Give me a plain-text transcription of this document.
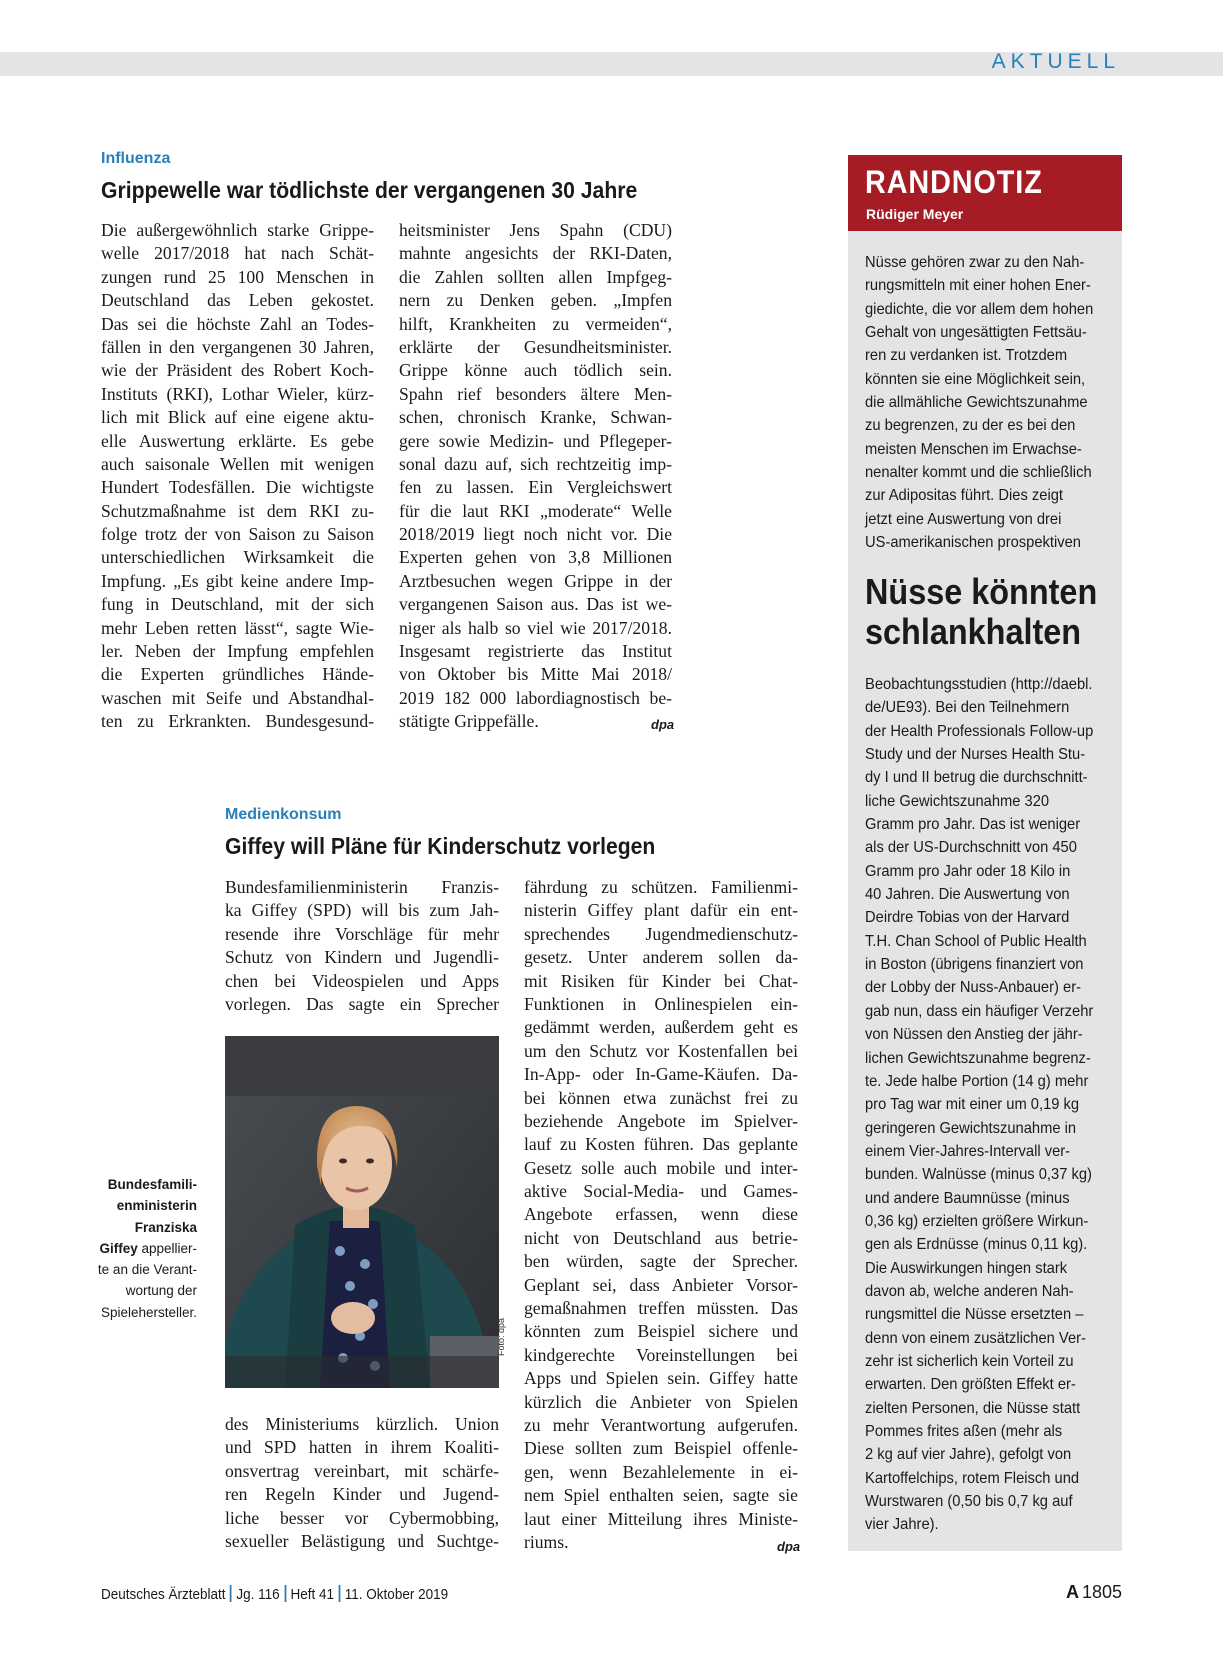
AKTUELL
Influenza
Grippewelle war tödlichste der vergangenen 30 Jahre
Die außergewöhnlich starke Grippe-
welle 2017/2018 hat nach Schät-
zungen rund 25 100 Menschen in
Deutschland das Leben gekostet.
Das sei die höchste Zahl an Todes-
fällen in den vergangenen 30 Jahren,
wie der Präsident des Robert Koch-
Instituts (RKI), Lothar Wieler, kürz-
lich mit Blick auf eine eigene aktu-
elle Auswertung erklärte. Es gebe
auch saisonale Wellen mit wenigen
Hundert Todesfällen. Die wichtigste
Schutzmaßnahme ist dem RKI zu-
folge trotz der von Saison zu Saison
unterschiedlichen Wirksamkeit die
Impfung. „Es gibt keine andere Imp-
fung in Deutschland, mit der sich
mehr Leben retten lässt“, sagte Wie-
ler. Neben der Impfung empfehlen
die Experten gründliches Hände-
waschen mit Seife und Abstandhal-
ten zu Erkrankten. Bundesgesund-
heitsminister Jens Spahn (CDU)
mahnte angesichts der RKI-Daten,
die Zahlen sollten allen Impfgeg-
nern zu Denken geben. „Impfen
hilft, Krankheiten zu vermeiden“,
erklärte der Gesundheitsminister.
Grippe könne auch tödlich sein.
Spahn rief besonders ältere Men-
schen, chronisch Kranke, Schwan-
gere sowie Medizin- und Pflegeper-
sonal dazu auf, sich rechtzeitig imp-
fen zu lassen. Ein Vergleichswert
für die laut RKI „moderate“ Welle
2018/2019 liegt noch nicht vor. Die
Experten gehen von 3,8 Millionen
Arztbesuchen wegen Grippe in der
vergangenen Saison aus. Das ist we-
niger als halb so viel wie 2017/2018.
Insgesamt registrierte das Institut
von Oktober bis Mitte Mai 2018/
2019 182 000 labordiagnostisch be-
stätigte Grippefälle.	dpa
Medienkonsum
Giffey will Pläne für Kinderschutz vorlegen
Bundesfamilienministerin Franzis-
ka Giffey (SPD) will bis zum Jah-
resende ihre Vorschläge für mehr
Schutz von Kindern und Jugendli-
chen bei Videospielen und Apps
vorlegen. Das sagte ein Sprecher
Foto: dpa
Bundesfamili-
enministerin
Franziska
Giffey appellier-
te an die Verant-
wortung der
Spielehersteller.
des Ministeriums kürzlich. Union
und SPD hatten in ihrem Koaliti-
onsvertrag vereinbart, mit schärfe-
ren Regeln Kinder und Jugend-
liche besser vor Cybermobbing,
sexueller Belästigung und Suchtge-
fährdung zu schützen. Familienmi-
nisterin Giffey plant dafür ein ent-
sprechendes Jugendmedienschutz-
gesetz. Unter anderem sollen da-
mit Risiken für Kinder bei Chat-
Funktionen in Onlinespielen ein-
gedämmt werden, außerdem geht es
um den Schutz vor Kostenfallen bei
In-App- oder In-Game-Käufen. Da-
bei können etwa zunächst frei zu
beziehende Angebote im Spielver-
lauf zu Kosten führen. Das geplante
Gesetz solle auch mobile und inter-
aktive Social-Media- und Games-
Angebote erfassen, wenn diese
nicht von Deutschland aus betrie-
ben würden, sagte der Sprecher.
Geplant sei, dass Anbieter Vorsor-
gemaßnahmen treffen müssten. Das
könnten zum Beispiel sichere und
kindgerechte Voreinstellungen bei
Apps und Spielen sein. Giffey hatte
kürzlich die Anbieter von Spielen
zu mehr Verantwortung aufgerufen.
Diese sollten zum Beispiel offenle-
gen, wenn Bezahlelemente in ei-
nem Spiel enthalten seien, sagte sie
laut einer Mitteilung ihres Ministe-
riums.	dpa
RANDNOTIZ
Rüdiger Meyer
Nüsse gehören zwar zu den Nah-
rungsmitteln mit einer hohen Ener-
giedichte, die vor allem dem hohen
Gehalt von ungesättigten Fettsäu-
ren zu verdanken ist. Trotzdem
könnten sie eine Möglichkeit sein,
die allmähliche Gewichtszunahme
zu begrenzen, zu der es bei den
meisten Menschen im Erwachse-
nenalter kommt und die schließlich
zur Adipositas führt. Dies zeigt
jetzt eine Auswertung von drei
US-amerikanischen prospektiven
Nüsse könnten
schlankhalten
Beobachtungsstudien (http://daebl.
de/UE93). Bei den Teilnehmern
der Health Professionals Follow-up
Study und der Nurses Health Stu-
dy I und II betrug die durchschnitt-
liche Gewichtszunahme 320
Gramm pro Jahr. Das ist weniger
als der US-Durchschnitt von 450
Gramm pro Jahr oder 18 Kilo in
40 Jahren. Die Auswertung von
Deirdre Tobias von der Harvard
T.H. Chan School of Public Health
in Boston (übrigens finanziert von
der Lobby der Nuss-Anbauer) er-
gab nun, dass ein häufiger Verzehr
von Nüssen den Anstieg der jähr-
lichen Gewichtszunahme begrenz-
te. Jede halbe Portion (14 g) mehr
pro Tag war mit einer um 0,19 kg
geringeren Gewichtszunahme in
einem Vier-Jahres-Intervall ver-
bunden. Walnüsse (minus 0,37 kg)
und andere Baumnüsse (minus
0,36 kg) erzielten größere Wirkun-
gen als Erdnüsse (minus 0,11 kg).
Die Auswirkungen hingen stark
davon ab, welche anderen Nah-
rungsmittel die Nüsse ersetzten –
denn von einem zusätzlichen Ver-
zehr ist sicherlich kein Vorteil zu
erwarten. Den größten Effekt er-
zielten Personen, die Nüsse statt
Pommes frites aßen (mehr als
2 kg auf vier Jahre), gefolgt von
Kartoffelchips, rotem Fleisch und
Wurstwaren (0,50 bis 0,7 kg auf
vier Jahre).
Deutsches Ärzteblatt Jg. 116 Heft 41 11. Oktober 2019	A 1805
